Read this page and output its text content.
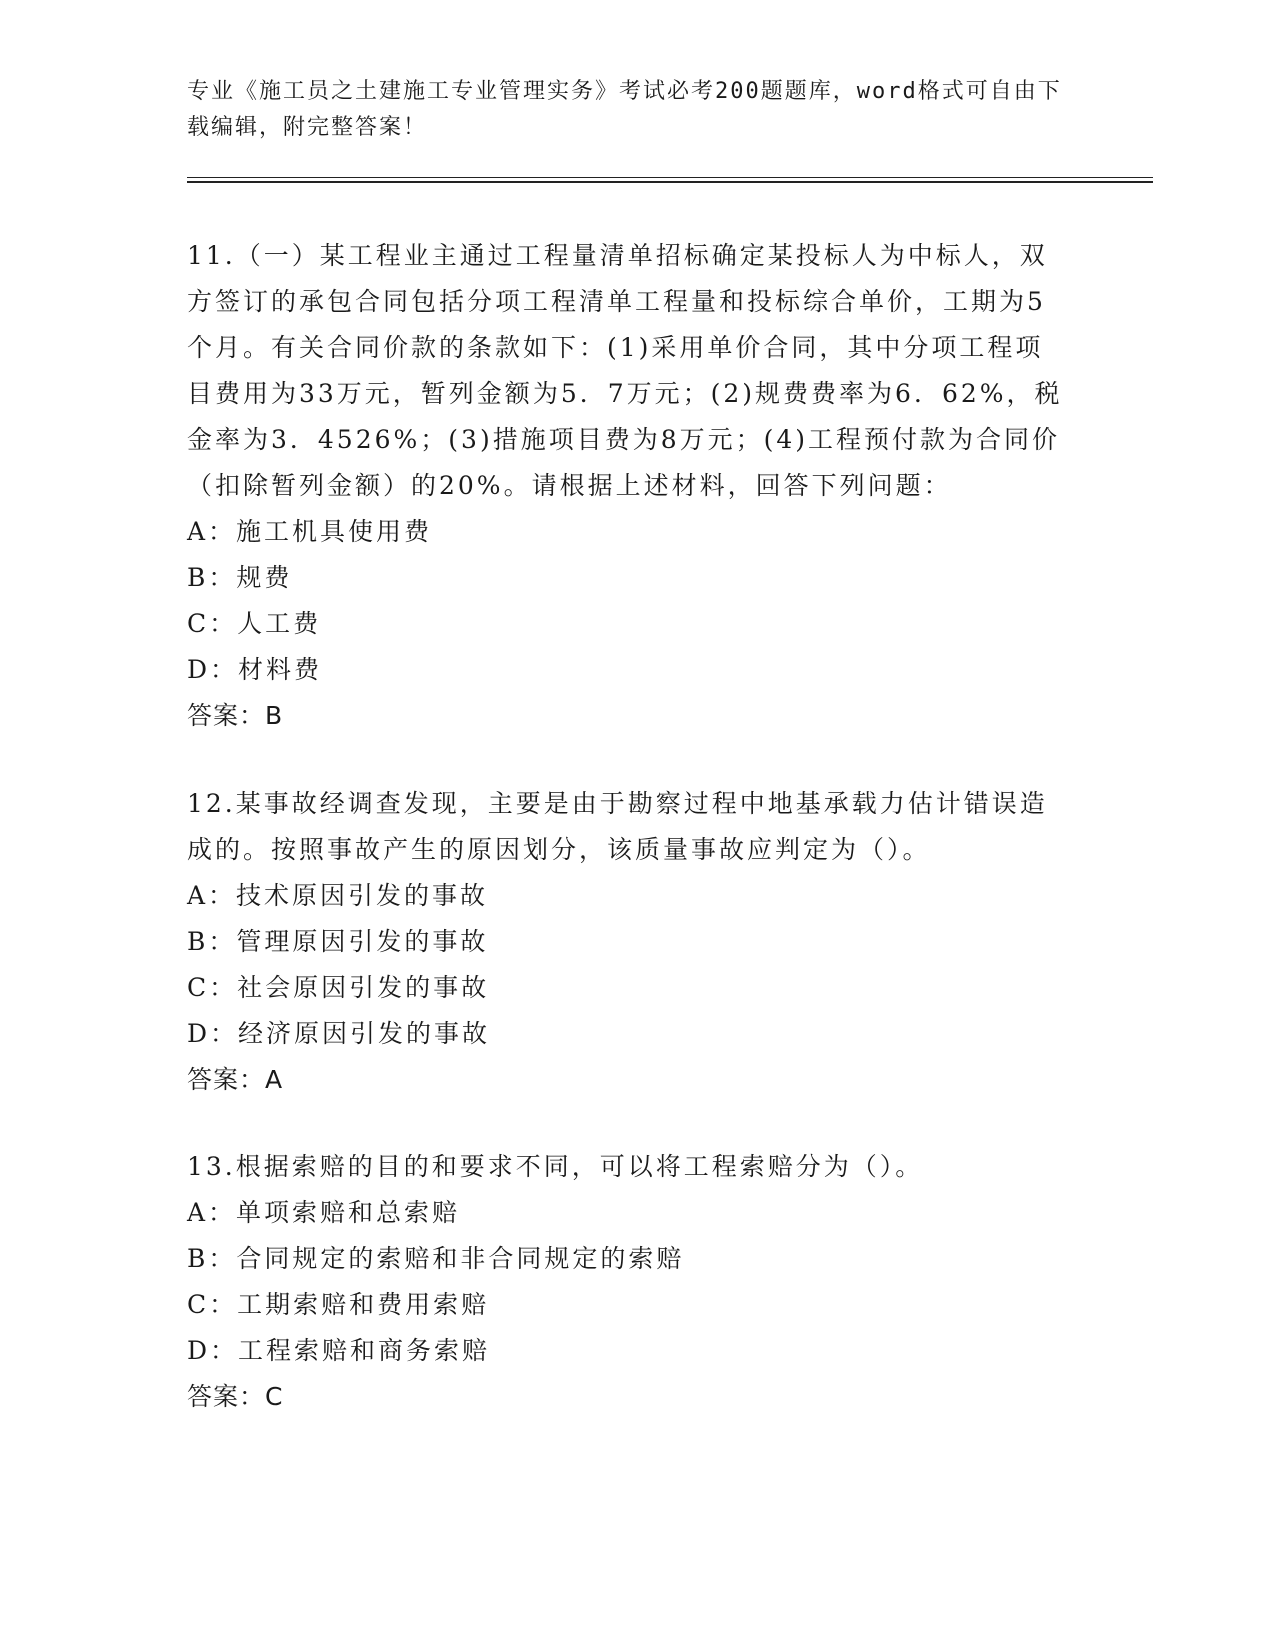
专业《施工员之土建施工专业管理实务》考试必考200题题库，word格式可自由下载编辑，附完整答案！
11.（一）某工程业主通过工程量清单招标确定某投标人为中标人，双方签订的承包合同包括分项工程清单工程量和投标综合单价，工期为5个月。有关合同价款的条款如下：(1)采用单价合同，其中分项工程项目费用为33万元，暂列金额为5．7万元；(2)规费费率为6．62%，税金率为3．4526%；(3)措施项目费为8万元；(4)工程预付款为合同价（扣除暂列金额）的20%。请根据上述材料，回答下列问题：
A：施工机具使用费
B：规费
C：人工费
D：材料费
答案：B
12.某事故经调查发现，主要是由于勘察过程中地基承载力估计错误造成的。按照事故产生的原因划分，该质量事故应判定为（）。
A：技术原因引发的事故
B：管理原因引发的事故
C：社会原因引发的事故
D：经济原因引发的事故
答案：A
13.根据索赔的目的和要求不同，可以将工程索赔分为（）。
A：单项索赔和总索赔
B：合同规定的索赔和非合同规定的索赔
C：工期索赔和费用索赔
D：工程索赔和商务索赔
答案：C
